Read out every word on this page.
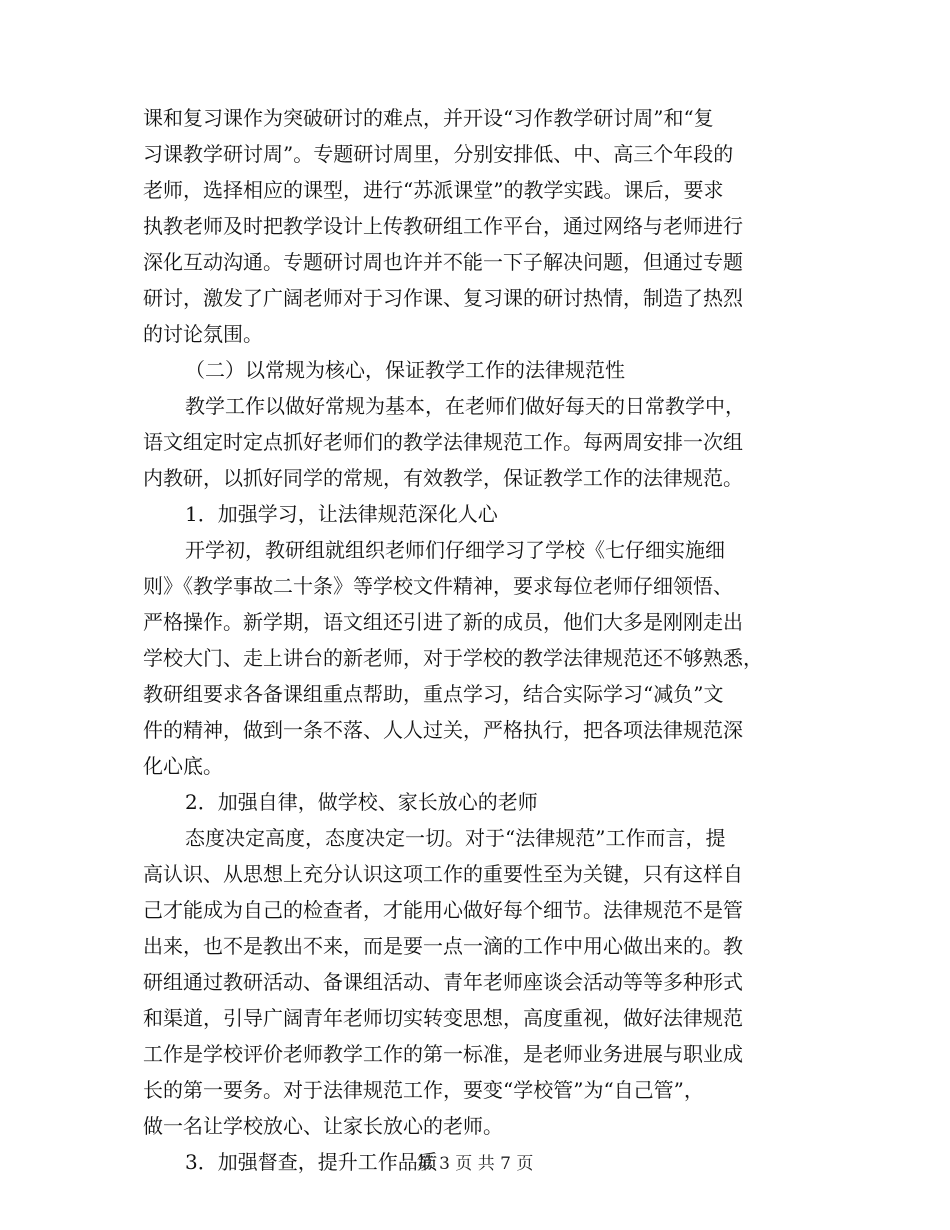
课和复习课作为突破研讨的难点，并开设“习作教学研讨周”和“复
习课教学研讨周”。专题研讨周里，分别安排低、中、高三个年段的
老师，选择相应的课型，进行“苏派课堂”的教学实践。课后，要求
执教老师及时把教学设计上传教研组工作平台，通过网络与老师进行
深化互动沟通。专题研讨周也许并不能一下子解决问题，但通过专题
研讨，激发了广阔老师对于习作课、复习课的研讨热情，制造了热烈
的讨论氛围。
（二）以常规为核心，保证教学工作的法律规范性
教学工作以做好常规为基本，在老师们做好每天的日常教学中，
语文组定时定点抓好老师们的教学法律规范工作。每两周安排一次组
内教研，以抓好同学的常规，有效教学，保证教学工作的法律规范。
1．加强学习，让法律规范深化人心
开学初，教研组就组织老师们仔细学习了学校《七仔细实施细
则》《教学事故二十条》等学校文件精神，要求每位老师仔细领悟、
严格操作。新学期，语文组还引进了新的成员，他们大多是刚刚走出
学校大门、走上讲台的新老师，对于学校的教学法律规范还不够熟悉，
教研组要求各备课组重点帮助，重点学习，结合实际学习“减负”文
件的精神，做到一条不落、人人过关，严格执行，把各项法律规范深
化心底。
2．加强自律，做学校、家长放心的老师
态度决定高度，态度决定一切。对于“法律规范”工作而言，提
高认识、从思想上充分认识这项工作的重要性至为关键，只有这样自
己才能成为自己的检查者，才能用心做好每个细节。法律规范不是管
出来，也不是教出不来，而是要一点一滴的工作中用心做出来的。教
研组通过教研活动、备课组活动、青年老师座谈会活动等等多种形式
和渠道，引导广阔青年老师切实转变思想，高度重视，做好法律规范
工作是学校评价老师教学工作的第一标准，是老师业务进展与职业成
长的第一要务。对于法律规范工作，要变“学校管”为“自己管”，
做一名让学校放心、让家长放心的老师。
3．加强督查，提升工作品质
第 3 页 共 7 页
